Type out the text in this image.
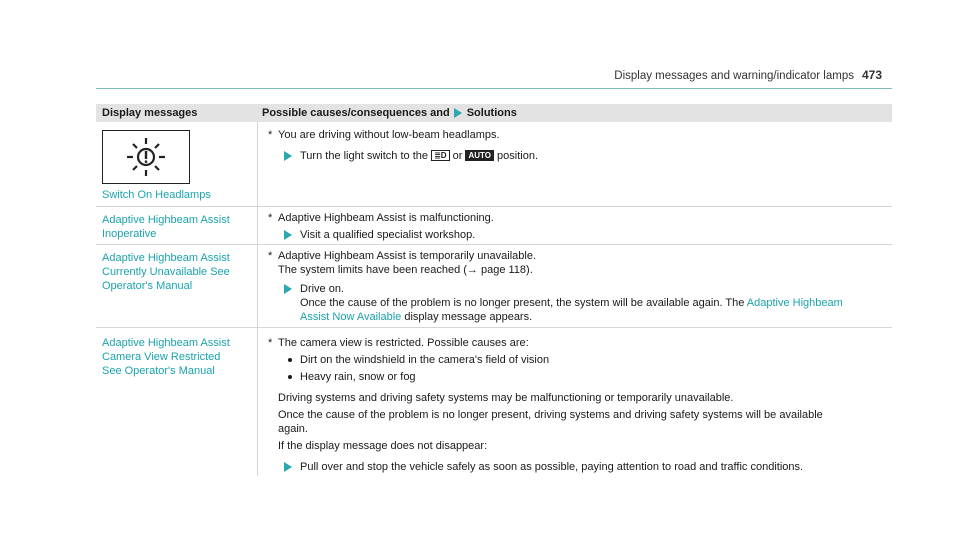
Display messages and warning/indicator lamps 473
Display messages	Possible causes/consequences and Solutions
Switch On Headlamps
* You are driving without low-beam headlamps.
Turn the light switch to the ≣D or AUTO position.
Adaptive Highbeam Assist
Inoperative
* Adaptive Highbeam Assist is malfunctioning.
Visit a qualified specialist workshop.
Adaptive Highbeam Assist
Currently Unavailable See
Operator's Manual
* Adaptive Highbeam Assist is temporarily unavailable.
The system limits have been reached (→ page 118).
Drive on.
Once the cause of the problem is no longer present, the system will be available again. The Adaptive Highbeam
Assist Now Available display message appears.
Adaptive Highbeam Assist
Camera View Restricted
See Operator's Manual
* The camera view is restricted. Possible causes are:
Dirt on the windshield in the camera's field of vision
Heavy rain, snow or fog
Driving systems and driving safety systems may be malfunctioning or temporarily unavailable.
Once the cause of the problem is no longer present, driving systems and driving safety systems will be available
again.
If the display message does not disappear:
Pull over and stop the vehicle safely as soon as possible, paying attention to road and traffic conditions.
